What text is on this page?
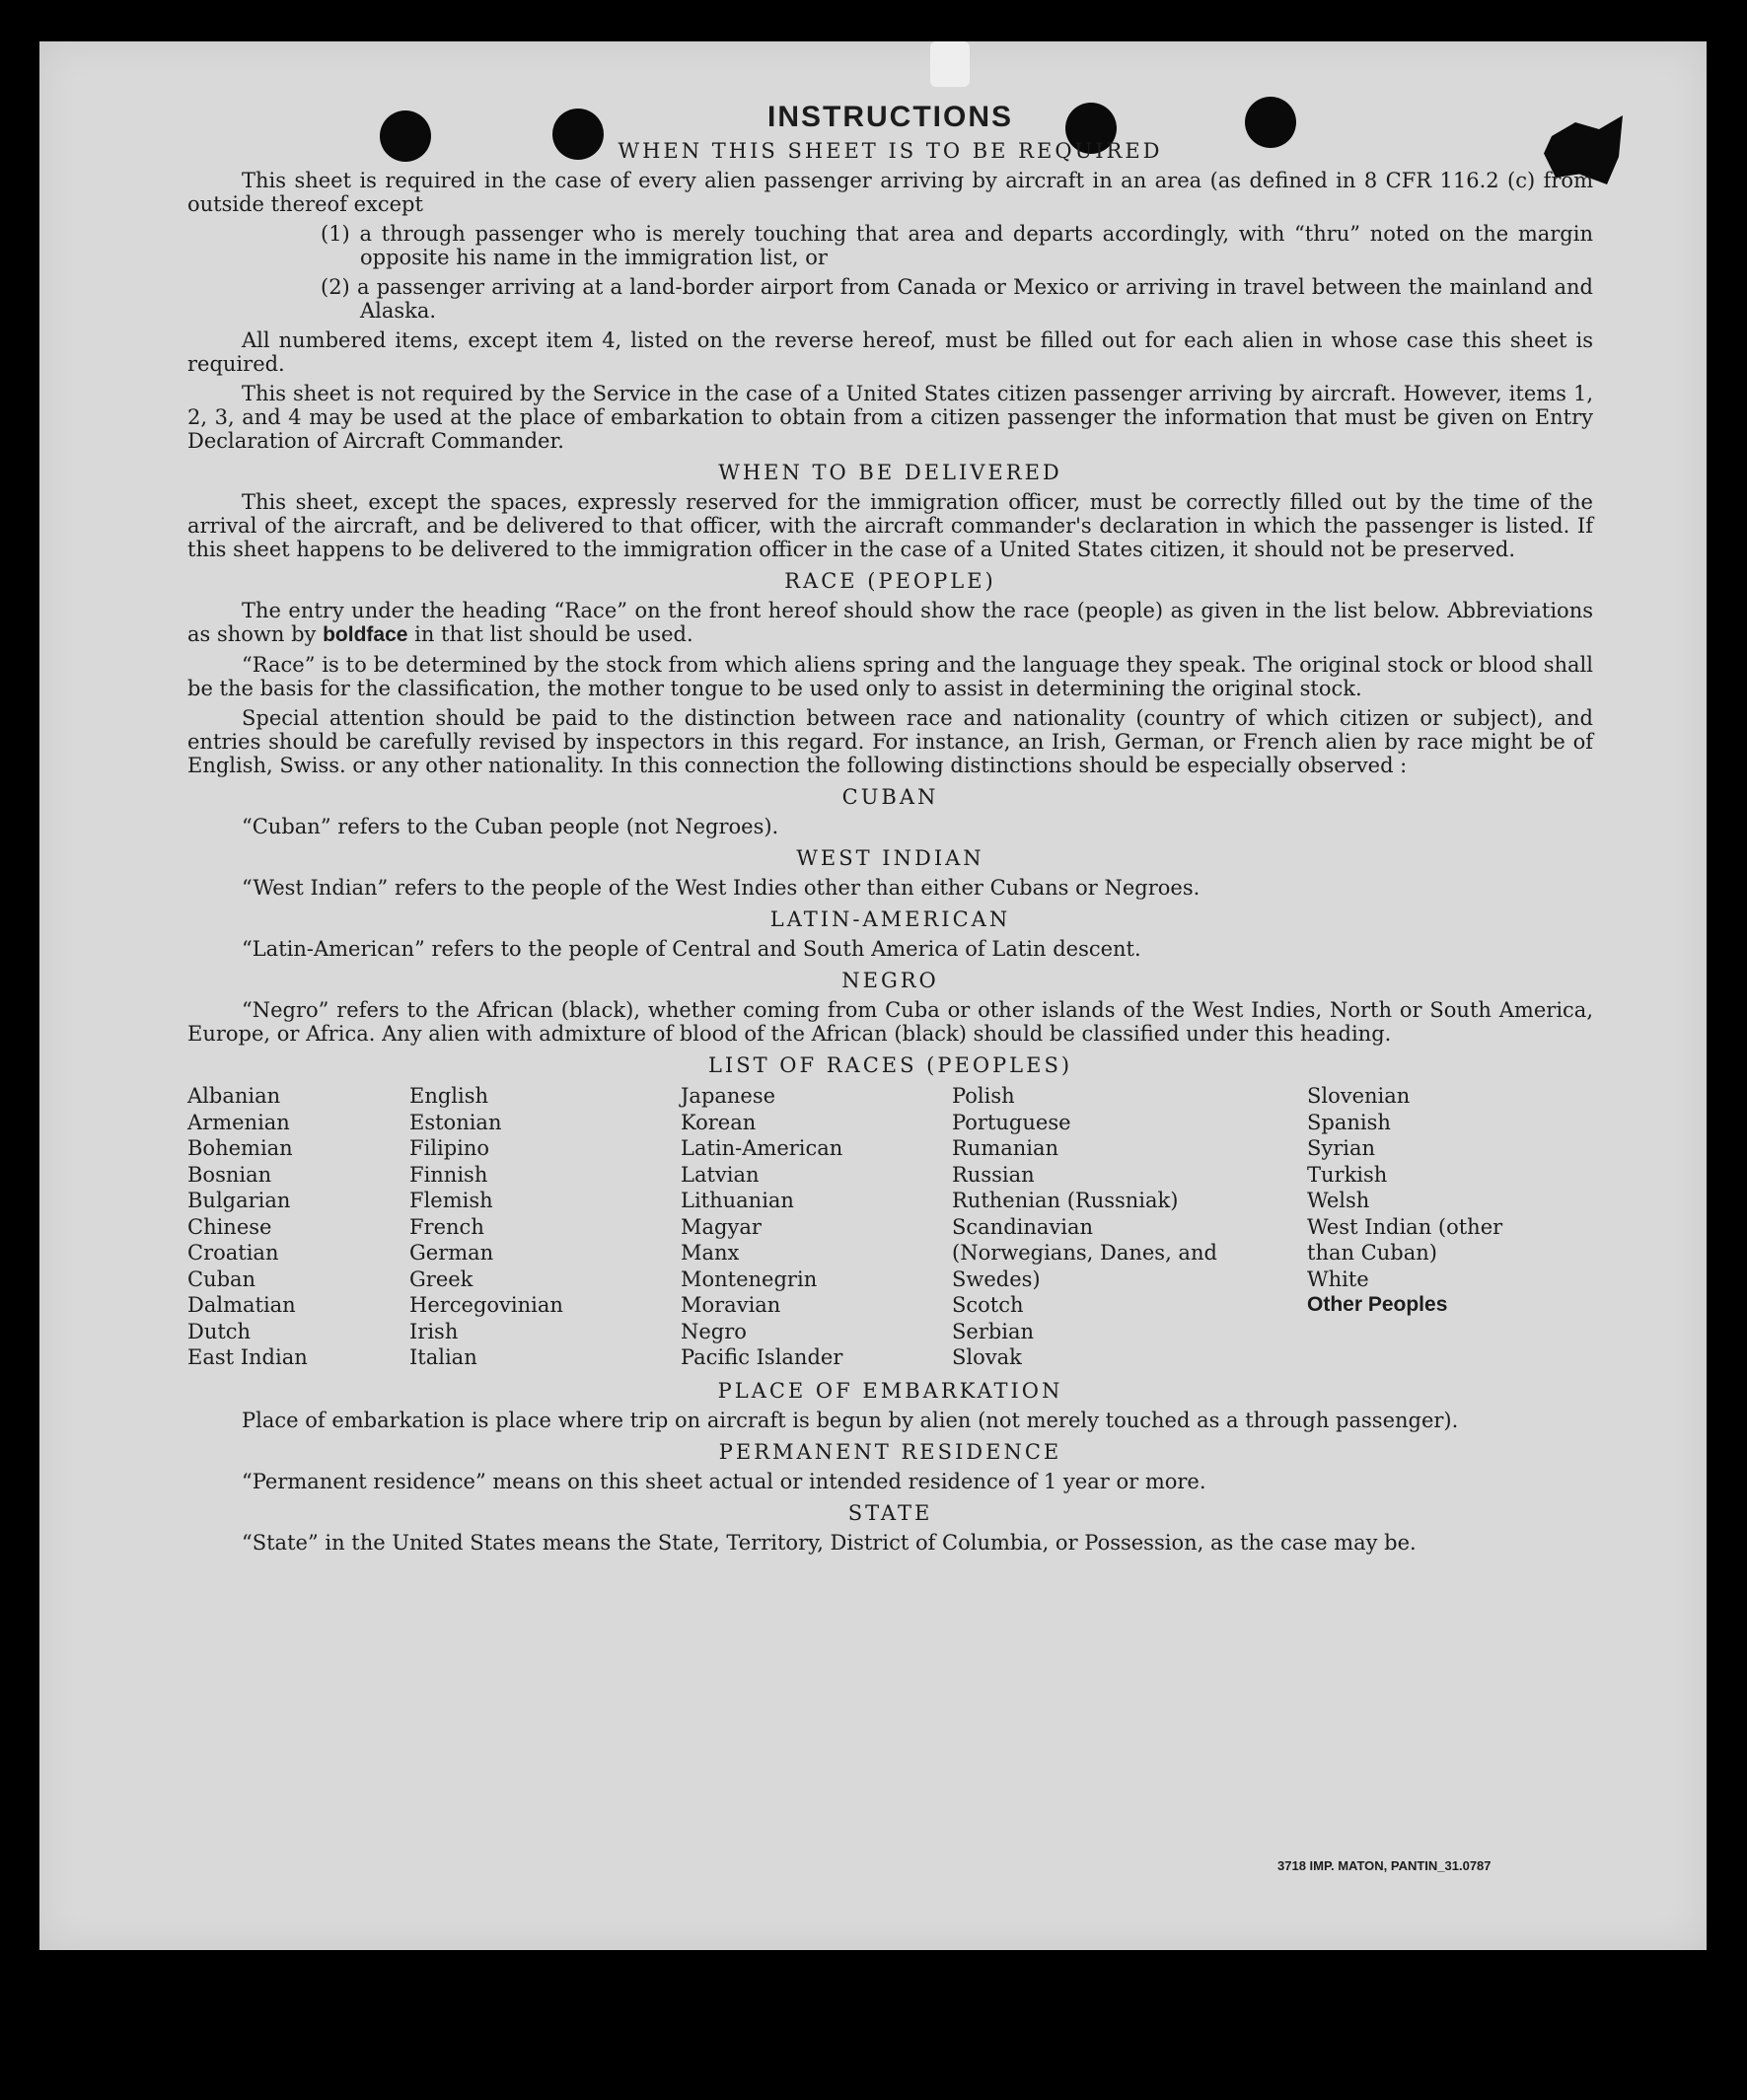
INSTRUCTIONS
WHEN THIS SHEET IS TO BE REQUIRED

This sheet is required in the case of every alien passenger arriving by aircraft in an area (as defined in 8 CFR 116.2 (c) from outside thereof except

(1) a through passenger who is merely touching that area and departs accordingly, with “thru” noted on the margin opposite his name in the immigration list, or

(2) a passenger arriving at a land-border airport from Canada or Mexico or arriving in travel between the mainland and Alaska.

All numbered items, except item 4, listed on the reverse hereof, must be filled out for each alien in whose case this sheet is required.

This sheet is not required by the Service in the case of a United States citizen passenger arriving by aircraft. However, items 1, 2, 3, and 4 may be used at the place of embarkation to obtain from a citizen passenger the information that must be given on Entry Declaration of Aircraft Commander.

WHEN TO BE DELIVERED

This sheet, except the spaces, expressly reserved for the immigration officer, must be correctly filled out by the time of the arrival of the aircraft, and be delivered to that officer, with the aircraft commander's declaration in which the passenger is listed. If this sheet happens to be delivered to the immigration officer in the case of a United States citizen, it should not be preserved.

RACE (PEOPLE)

The entry under the heading “Race” on the front hereof should show the race (people) as given in the list below. Abbreviations as shown by boldface in that list should be used.

“Race” is to be determined by the stock from which aliens spring and the language they speak. The original stock or blood shall be the basis for the classification, the mother tongue to be used only to assist in determining the original stock.

Special attention should be paid to the distinction between race and nationality (country of which citizen or subject), and entries should be carefully revised by inspectors in this regard. For instance, an Irish, German, or French alien by race might be of English, Swiss. or any other nationality. In this connection the following distinctions should be especially observed :

CUBAN

“Cuban” refers to the Cuban people (not Negroes).

WEST INDIAN

“West Indian” refers to the people of the West Indies other than either Cubans or Negroes.

LATIN-AMERICAN

“Latin-American” refers to the people of Central and South America of Latin descent.

NEGRO

“Negro” refers to the African (black), whether coming from Cuba or other islands of the West Indies, North or South America, Europe, or Africa. Any alien with admixture of blood of the African (black) should be classified under this heading.

LIST OF RACES (PEOPLES)
Albanian
Armenian
Bohemian
Bosnian
Bulgarian
Chinese
Croatian
Cuban
Dalmatian
Dutch
East Indian
English
Estonian
Filipino
Finnish
Flemish
French
German
Greek
Hercegovinian
Irish
Italian
Japanese
Korean
Latin-American
Latvian
Lithuanian
Magyar
Manx
Montenegrin
Moravian
Negro
Pacific Islander
Polish
Portuguese
Rumanian
Russian
Ruthenian (Russniak)
Scandinavian (Norwegians, Danes, and Swedes)
Scotch
Serbian
Slovak
Slovenian
Spanish
Syrian
Turkish
Welsh
West Indian (other than Cuban)
White
Other Peoples
PLACE OF EMBARKATION

Place of embarkation is place where trip on aircraft is begun by alien (not merely touched as a through passenger).

PERMANENT RESIDENCE

“Permanent residence” means on this sheet actual or intended residence of 1 year or more.

STATE

“State” in the United States means the State, Territory, District of Columbia, or Possession, as the case may be.

3718 IMP. MATON, PANTIN_31.0787
